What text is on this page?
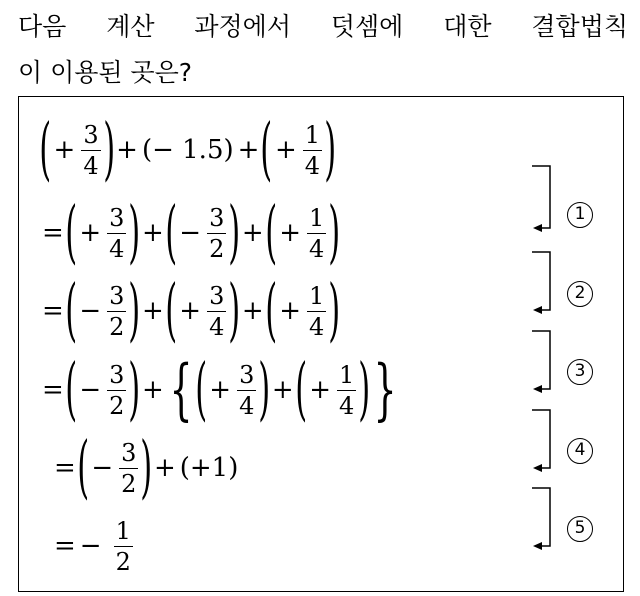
다음 계산 과정에서 덧셈에 대한 결합법칙
이 이용된 곳은?
( + $\frac{3}{4}$ ) + (− 1.5) + ( + $\frac{1}{4}$ )
= ( + $\frac{3}{4}$ ) + ( − $\frac{3}{2}$ ) + ( + $\frac{1}{4}$ )
= ( − $\frac{3}{2}$ ) + ( + $\frac{3}{4}$ ) + ( + $\frac{1}{4}$ )
= ( − $\frac{3}{2}$ ) + { ( + $\frac{3}{4}$ ) + ( + $\frac{1}{4}$ ) }
= ( − $\frac{3}{2}$ ) + (+1)
= − $\frac{1}{2}$
1
2
3
4
5
